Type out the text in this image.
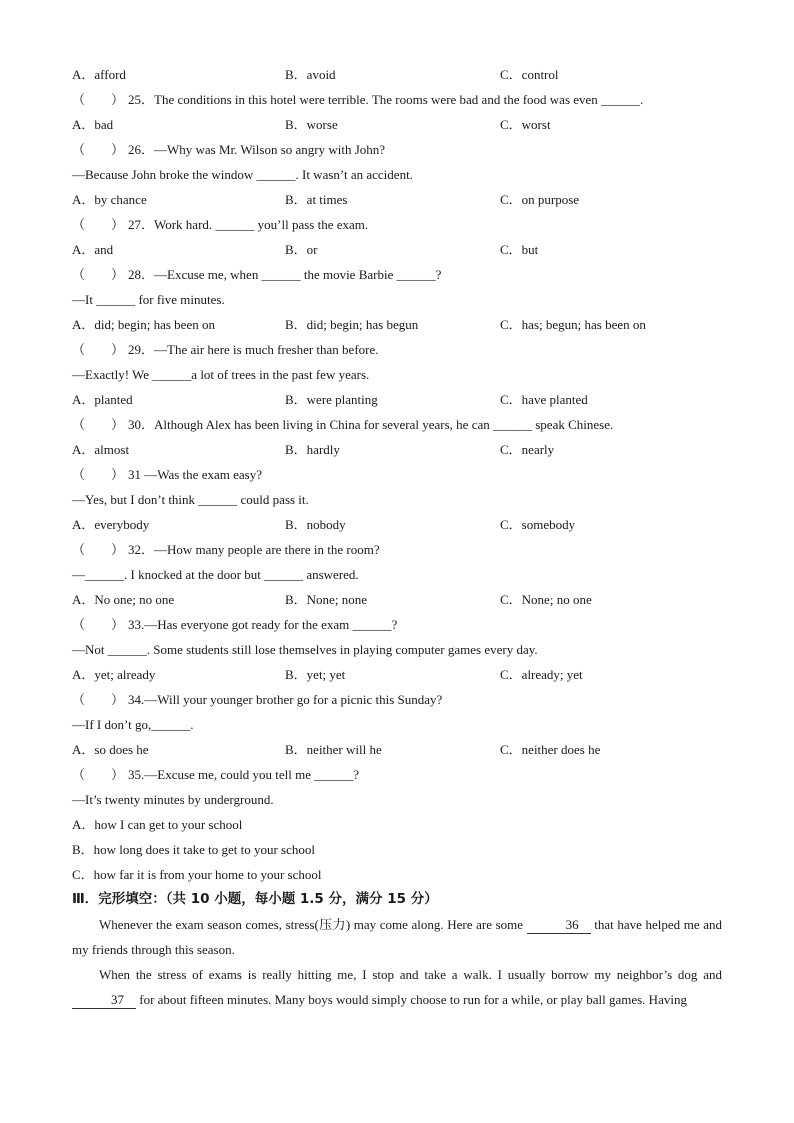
A．afford	B．avoid	C．control
（　　） 25．The conditions in this hotel were terrible. The rooms were bad and the food was even ______.
A．bad	B．worse	C．worst
（　　） 26．—Why was Mr. Wilson so angry with John?
—Because John broke the window ______. It wasn’t an accident.
A．by chance	B．at times	C．on purpose
（　　） 27．Work hard. ______ you’ll pass the exam.
A．and	B．or	C．but
（　　） 28．—Excuse me, when ______ the movie Barbie ______?
—It ______ for five minutes.
A．did; begin; has been on	B．did; begin; has begun	C．has; begun; has been on
（　　） 29．—The air here is much fresher than before.
—Exactly! We ______a lot of trees in the past few years.
A．planted	B．were planting	C．have planted
（　　） 30．Although Alex has been living in China for several years, he can ______ speak Chinese.
A．almost	B．hardly	C．nearly
（　　） 31 —Was the exam easy?
—Yes, but I don’t think ______ could pass it.
A．everybody	B．nobody	C．somebody
（　　） 32．—How many people are there in the room?
—______. I knocked at the door but ______ answered.
A．No one; no one	B．None; none	C．None; no one
（　　） 33.—Has everyone got ready for the exam ______?
—Not ______. Some students still lose themselves in playing computer games every day.
A．yet; already	B．yet; yet	C．already; yet
（　　） 34.—Will your younger brother go for a picnic this Sunday?
—If I don’t go,______.
A．so does he	B．neither will he	C．neither does he
（　　） 35.—Excuse me, could you tell me ______?
—It’s twenty minutes by underground.
A．how I can get to your school
B．how long does it take to get to your school
C．how far it is from your home to your school
Ⅲ．完形填空：（共 10 小题，每小题 1.5 分，满分 15 分）
Whenever the exam season comes, stress(压力) may come along. Here are some	36 that have helped me and my friends through this season.
When the stress of exams is really hitting me, I stop and take a walk. I usually borrow my neighbor’s dog and 37 for about fifteen minutes. Many boys would simply choose to run for a while, or play ball games. Having
